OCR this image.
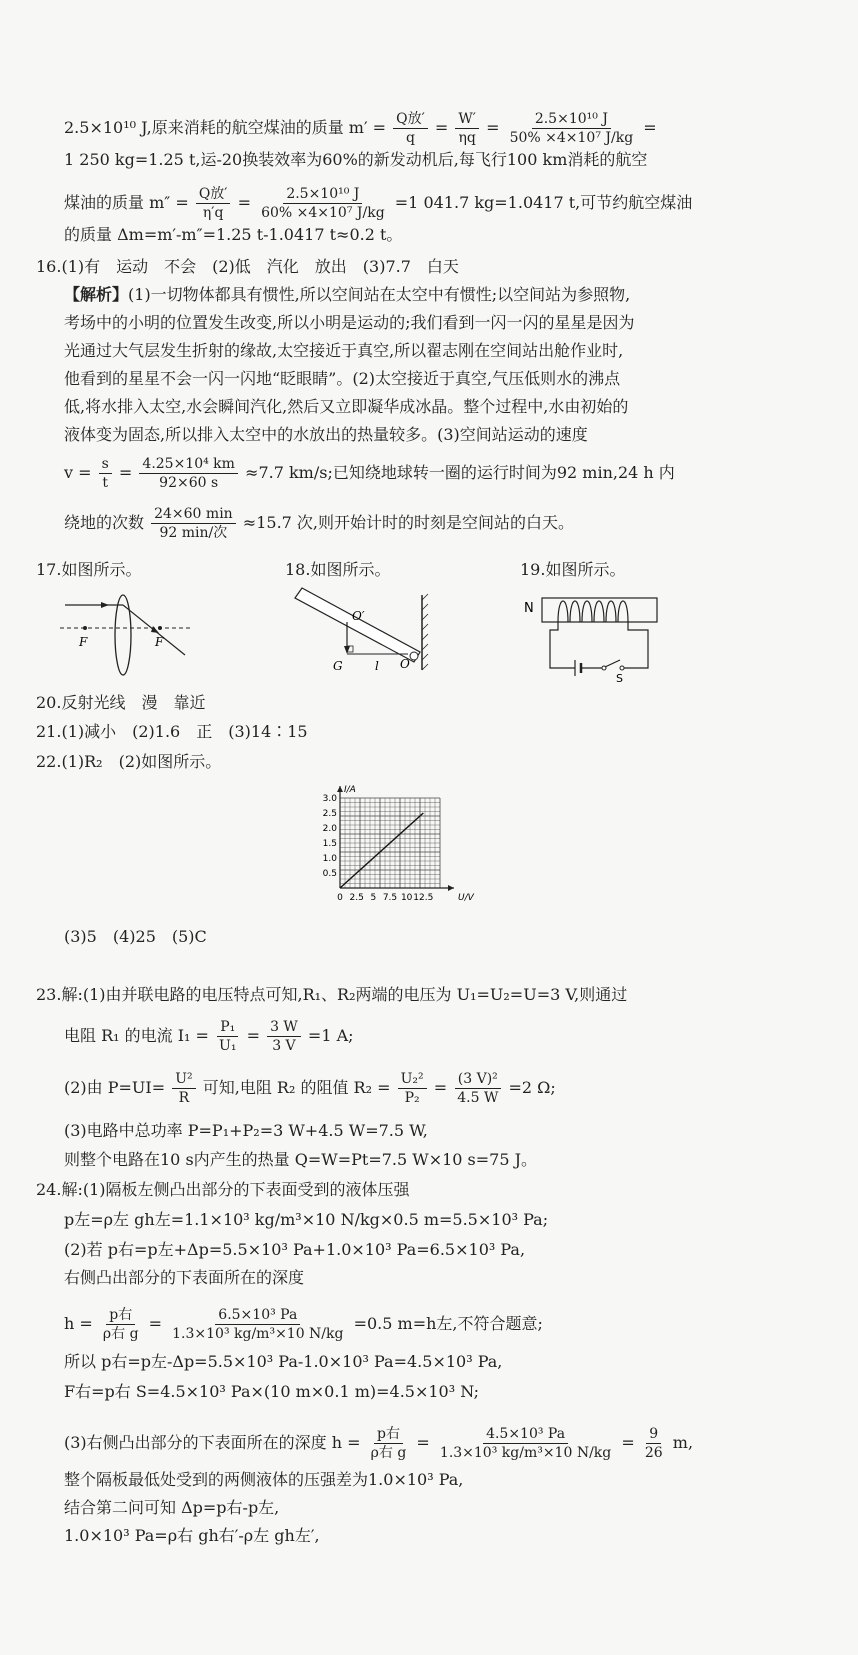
2.5×10¹⁰ J,原来消耗的航空煤油的质量 $m' = \frac{\text{Q放′}}{q} = \frac{W'}{\eta q} = \frac{\text{2.5×10¹⁰ J}}{\text{50\% ×4×10⁷ J/kg}}$ =
1 250 kg=1.25 t,运-20换装效率为60%的新发动机后,每飞行100 km消耗的航空
煤油的质量 $m'' = \frac{\text{Q放′}}{\eta'q} = \frac{\text{2.5×10¹⁰ J}}{\text{60\% ×4×10⁷ J/kg}} =1$ 041.7 kg=1.0417 t,可节约航空煤油
的质量 Δm=m′-m″=1.25 t-1.0417 t≈0.2 t。
16.(1)有　运动　不会　(2)低　汽化　放出　(3)7.7　白天
【解析】(1)一切物体都具有惯性,所以空间站在太空中有惯性;以空间站为参照物,
考场中的小明的位置发生改变,所以小明是运动的;我们看到一闪一闪的星星是因为
光通过大气层发生折射的缘故,太空接近于真空,所以翟志刚在空间站出舱作业时,
他看到的星星不会一闪一闪地“眨眼睛”。(2)太空接近于真空,气压低则水的沸点
低,将水排入太空,水会瞬间汽化,然后又立即凝华成冰晶。整个过程中,水由初始的
液体变为固态,所以排入太空中的水放出的热量较多。(3)空间站运动的速度
$v = \frac{s}{t} = \frac{\text{4.25×10⁴ km}}{92\times 60 s} \approx 7.7$ km/s;已知绕地球转一圈的运行时间为92 min,24 h 内
绕地的次数 $\frac{24\times 60 \min}{\text{92 min/次}} \approx 15.7$ 次,则开始计时的时刻是空间站的白天。
17.如图所示。	18.如图所示。	19.如图所示。
F	F
O′
O
G	l
N
S
20.反射光线　漫　靠近
21.(1)减小　(2)1.6　正　(3)14∶15
22.(1)R₂　(2)如图所示。
0 2.5 5 7.5 10 12.5
0.5
1.0
1.5
2.0
2.5
3.0
U/V
I/A
(3)5　(4)25　(5)C
23.解:(1)由并联电路的电压特点可知,R₁、R₂两端的电压为 U₁=U₂=U=3 V,则通过
电阻 R₁ 的电流 $I_1 = \frac{\text{P₁}}{\text{U₁}} = \frac{3 W}{3 V} =1$ A;
(2)由 $P=UI= \frac{\text{U²}}{R}$ 可知,电阻 R₂ 的阻值 $R_2 = \frac{\text{U₂²}}{\text{P₂}} = \frac{\text{(3 V)²}}{4.5 W} =2$ Ω;
(3)电路中总功率 P=P₁+P₂=3 W+4.5 W=7.5 W,
则整个电路在10 s内产生的热量 Q=W=Pt=7.5 W×10 s=75 J。
24.解:(1)隔板左侧凸出部分的下表面受到的液体压强
p左=ρ左 gh左=1.1×10³ kg/m³×10 N/kg×0.5 m=5.5×10³ Pa;
(2)若 p右=p左+Δp=5.5×10³ Pa+1.0×10³ Pa=6.5×10³ Pa,
右侧凸出部分的下表面所在的深度
$h = \frac{\text{p右}}{\text{ρ右 g}} = \frac{\text{6.5×10³ Pa}}{\text{1.3×10³ kg/m³×10 N/kg}} =0.5$ m=h左,不符合题意;
所以 p右=p左-Δp=5.5×10³ Pa-1.0×10³ Pa=4.5×10³ Pa,
F右=p右 S=4.5×10³ Pa×(10 m×0.1 m)=4.5×10³ N;
(3)右侧凸出部分的下表面所在的深度 $h = \frac{\text{p右}}{\text{ρ右 g}} = \frac{\text{4.5×10³ Pa}}{\text{1.3×10³ kg/m³×10 N/kg}} = \frac{9}{26} m$,
整个隔板最低处受到的两侧液体的压强差为1.0×10³ Pa,
结合第二问可知 Δp=p右-p左,
1.0×10³ Pa=ρ右 gh右′-ρ左 gh左′,
